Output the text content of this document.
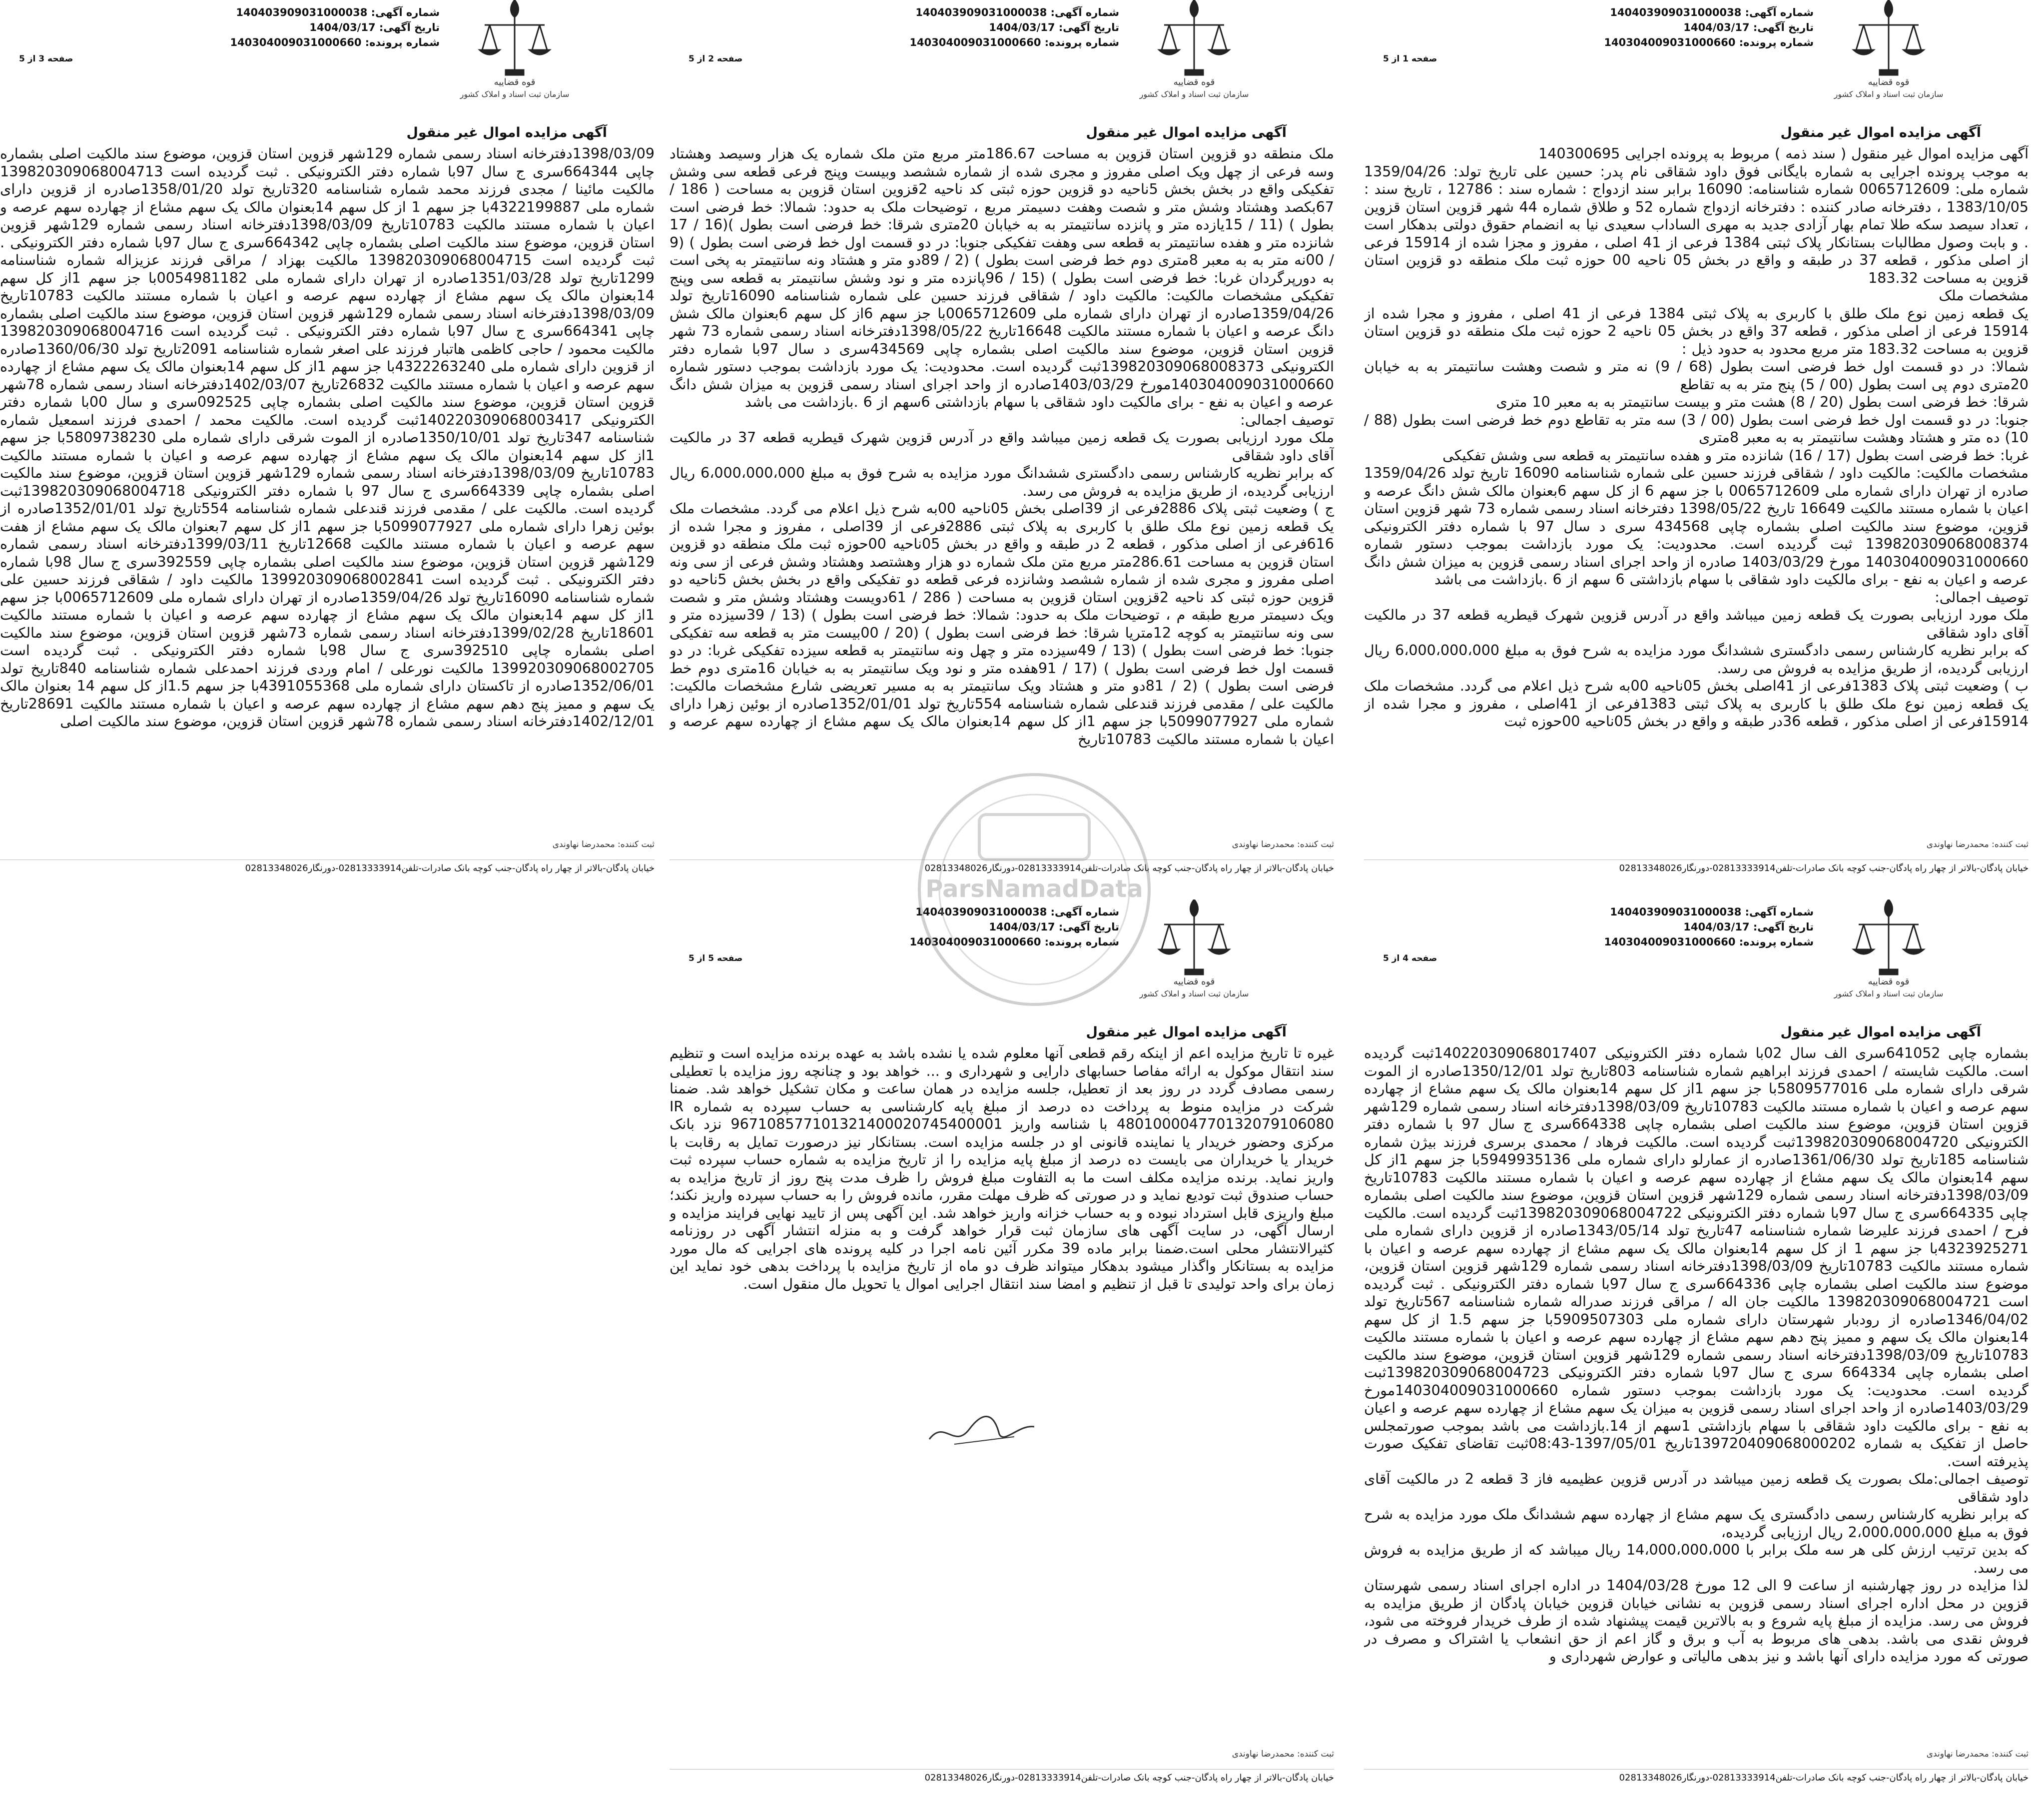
قوه قضاییه
سازمان ثبت اسناد و املاک کشور
شماره آگهی: 140403909031000038
تاریخ آگهی: 1404/03/17
شماره پرونده: 140304009031000660
صفحه 1 از 5
آگهی مزایده اموال غیر منقول
آگهی مزایده اموال غیر منقول ( سند ذمه ) مربوط به پرونده اجرایی 140300695
به موجب پرونده اجرایی به شماره بایگانی فوق داود شقاقی نام پدر: حسین علی تاریخ تولد: 1359/04/26 شماره ملی: 0065712609 شماره شناسنامه: 16090 برابر سند ازدواج : شماره سند : 12786 ، تاریخ سند : 1383/10/05 ، دفترخانه صادر کننده : دفترخانه ازدواج شماره 52 و طلاق شماره 44 شهر قزوین استان قزوین ، تعداد سیصد سکه طلا تمام بهار آزادی جدید به مهری الساداب سعیدی نیا به انضمام حقوق دولتی بدهکار است . و بابت وصول مطالبات بستانکار پلاک ثبتی 1384 فرعی از 41 اصلی ، مفروز و مجزا شده از 15914 فرعی از اصلی مذکور ، قطعه 37 در طبقه و واقع در بخش 05 ناحیه 00 حوزه ثبت ملک منطقه دو قزوین استان قزوین به مساحت 183.32
مشخصات ملک
یک قطعه زمین نوع ملک طلق با کاربری به پلاک ثبتی 1384 فرعی از 41 اصلی ، مفروز و مجرا شده از 15914 فرعی از اصلی مذکور ، قطعه 37 واقع در بخش 05 ناحیه 2 حوزه ثبت ملک منطقه دو قزوین استان قزوین به مساحت 183.32 متر مربع محدود به حدود ذیل :
شمالا: در دو قسمت اول خط فرضی است بطول (68 / 9) نه متر و شصت وهشت سانتیمتر به به خیابان 20متری دوم پی است بطول (00 / 5) پنج متر به به تقاطع
شرقا: خط فرضی است بطول (20 / 8) هشت متر و بیست سانتیمتر به به معبر 10 متری
جنوبا: در دو قسمت اول خط فرضی است بطول (00 / 3) سه متر به تقاطع دوم خط فرضی است بطول (88 / 10) ده متر و هشتاد وهشت سانتیمتر به به معبر 8متری
غربا: خط فرضی است بطول (17 / 16) شانزده متر و هفده سانتیمتر به قطعه سی وشش تفکیکی
مشخصات مالکیت: مالکیت داود / شقاقی فرزند حسین علی شماره شناسنامه 16090 تاریخ تولد 1359/04/26 صادره از تهران دارای شماره ملی 0065712609 با جز سهم 6 از کل سهم 6بعنوان مالک شش دانگ عرصه و اعیان با شماره مستند مالکیت 16649 تاریخ 1398/05/22 دفترخانه اسناد رسمی شماره 73 شهر قزوین استان قزوین، موضوع سند مالکیت اصلی بشماره چاپی 434568 سری د سال 97 با شماره دفتر الکترونیکی 139820309068008374 ثبت گردیده است. محدودیت: یک مورد بازداشت بموجب دستور شماره 140304009031000660 مورخ 1403/03/29 صادره از واحد اجرای اسناد رسمی قزوین به میزان شش دانگ عرصه و اعیان به نفع - برای مالکیت داود شقاقی با سهام بازداشتی 6 سهم از 6 .بازداشت می باشد
توصیف اجمالی:
ملک مورد ارزیابی بصورت یک قطعه زمین میباشد واقع در آدرس قزوین شهرک قیطریه قطعه 37 در مالکیت آقای داود شقاقی
که برابر نظریه کارشناس رسمی دادگستری ششدانگ مورد مزایده به شرح فوق به مبلغ 6،000،000،000 ریال ارزیابی گردیده، از طریق مزایده به فروش می رسد.
ب ) وضعیت ثبتی پلاک 1383فرعی از 41اصلی بخش 05ناحیه 00به شرح ذیل اعلام می گردد. مشخصات ملک یک قطعه زمین نوع ملک طلق با کاربری به پلاک ثبتی 1383فرعی از 41اصلی ، مفروز و مجرا شده از 15914فرعی از اصلی مذکور ، قطعه 36در طبقه و واقع در بخش 05ناحیه 00حوزه ثبت
ثبت کننده: محمدرضا نهاوندی
خیابان پادگان-بالاتر از چهار راه پادگان-جنب کوچه بانک صادرات-تلفن02813333914-دورنگار02813348026
قوه قضاییه
سازمان ثبت اسناد و املاک کشور
شماره آگهی: 140403909031000038
تاریخ آگهی: 1404/03/17
شماره پرونده: 140304009031000660
صفحه 2 از 5
آگهی مزایده اموال غیر منقول
ملک منطقه دو قزوین استان قزوین به مساحت 186.67متر مربع متن ملک شماره یک هزار وسیصد وهشتاد وسه فرعی از چهل ویک اصلی مفروز و مجری شده از شماره ششصد وبیست وپنج فرعی قطعه سی وشش تفکیکی واقع در بخش بخش 5ناحیه دو قزوین حوزه ثبتی کد ناحیه 2قزوین استان قزوین به مساحت ( 186 / 67بکصد وهشتاد وشش متر و شصت وهفت دسیمتر مربع ، توضیحات ملک به حدود: شمالا: خط فرضی است بطول ) (11 / 15یازده متر و پانزده سانتیمتر به به خیابان 20متری شرقا: خط فرضی است بطول )(16 / 17 شانزده متر و هفده سانتیمتر به قطعه سی وهفت تفکیکی جنوبا: در دو قسمت اول خط فرضی است بطول ) (9 / 00نه متر به به معبر 8متری دوم خط فرضی است بطول ) (2 / 89دو متر و هشتاد ونه سانتیمتر به پخی است به دورپرگردان غربا: خط فرضی است بطول ) (15 / 96پانزده متر و نود وشش سانتیمتر به قطعه سی وپنج تفکیکی مشخصات مالکیت: مالکیت داود / شقاقی فرزند حسین علی شماره شناسنامه 16090تاریخ تولد 1359/04/26صادره از تهران دارای شماره ملی 0065712609با جز سهم 6از کل سهم 6بعنوان مالک شش دانگ عرصه و اعیان با شماره مستند مالکیت 16648تاریخ 1398/05/22دفترخانه اسناد رسمی شماره 73 شهر قزوین استان قزوین، موضوع سند مالکیت اصلی بشماره چاپی 434569سری د سال 97با شماره دفتر الکترونیکی 139820309068008373ثبت گردیده است. محدودیت: یک مورد بازداشت بموجب دستور شماره 140304009031000660مورخ 1403/03/29صادره از واحد اجرای اسناد رسمی قزوین به میزان شش دانگ عرصه و اعیان به نفع - برای مالکیت داود شقاقی با سهام بازداشتی 6سهم از 6 .بازداشت می باشد
توصیف اجمالی:
ملک مورد ارزیابی بصورت یک قطعه زمین میباشد واقع در آدرس قزوین شهرک قیطریه قطعه 37 در مالکیت آقای داود شقاقی
که برابر نظریه کارشناس رسمی دادگستری ششدانگ مورد مزایده به شرح فوق به مبلغ 6،000،000،000 ریال ارزیابی گردیده، از طریق مزایده به فروش می رسد.
ج ) وضعیت ثبتی پلاک 2886فرعی از 39اصلی بخش 05ناحیه 00به شرح ذیل اعلام می گردد. مشخصات ملک یک قطعه زمین نوع ملک طلق با کاربری به پلاک ثبتی 2886فرعی از 39اصلی ، مفروز و مجرا شده از 616فرعی از اصلی مذکور ، قطعه 2 در طبقه و واقع در بخش 05ناحیه 00حوزه ثبت ملک منطقه دو قزوین استان قزوین به مساحت 286.61متر مربع متن ملک شماره دو هزار وهشتصد وهشتاد وشش فرعی از سی ونه اصلی مفروز و مجری شده از شماره ششصد وشانزده فرعی قطعه دو تفکیکی واقع در بخش بخش 5ناحیه دو قزوین حوزه ثبتی کد ناحیه 2قزوین استان قزوین به مساحت ( 286 / 61دویست وهشتاد وشش متر و شصت ویک دسیمتر مربع طبقه م ، توضیحات ملک به حدود: شمالا: خط فرضی است بطول ) (13 / 39سیزده متر و سی ونه سانتیمتر به کوچه 12متریا شرقا: خط فرضی است بطول ) (20 / 00بیست متر به قطعه سه تفکیکی جنوبا: خط فرضی است بطول ) (13 / 49سیزده متر و چهل ونه سانتیمتر به قطعه سیزده تفکیکی غربا: در دو قسمت اول خط فرضی است بطول ) (17 / 91هفده متر و نود ویک سانتیمتر به به خیابان 16متری دوم خط فرضی است بطول ) (2 / 81دو متر و هشتاد ویک سانتیمتر به به مسیر تعریضی شارع مشخصات مالکیت: مالکیت علی / مقدمی فرزند قندعلی شماره شناسنامه 554تاریخ تولد 1352/01/01صادره از بوئین زهرا دارای شماره ملی 5099077927با جز سهم 1از کل سهم 14بعنوان مالک یک سهم مشاع از چهارده سهم عرصه و اعیان با شماره مستند مالکیت 10783تاریخ
ثبت کننده: محمدرضا نهاوندی
خیابان پادگان-بالاتر از چهار راه پادگان-جنب کوچه بانک صادرات-تلفن02813333914-دورنگار02813348026
قوه قضاییه
سازمان ثبت اسناد و املاک کشور
شماره آگهی: 140403909031000038
تاریخ آگهی: 1404/03/17
شماره پرونده: 140304009031000660
صفحه 3 از 5
آگهی مزایده اموال غیر منقول
1398/03/09دفترخانه اسناد رسمی شماره 129شهر قزوین استان قزوین، موضوع سند مالکیت اصلی بشماره چاپی 664344سری ج سال 97با شماره دفتر الکترونیکی . ثبت گردیده است 139820309068004713 مالکیت مائینا / مجدی فرزند محمد شماره شناسنامه 320تاریخ تولد 1358/01/20صادره از قزوین دارای شماره ملی 4322199887با جز سهم 1 از کل سهم 14بعنوان مالک یک سهم مشاع از چهارده سهم عرصه و اعیان با شماره مستند مالکیت 10783تاریخ 1398/03/09دفترخانه اسناد رسمی شماره 129شهر قزوین استان قزوین، موضوع سند مالکیت اصلی بشماره چاپی 664342سری ج سال 97با شماره دفتر الکترونیکی . ثبت گردیده است 139820309068004715 مالکیت بهزاد / مراقی فرزند عزیزاله شماره شناسنامه 1299تاریخ تولد 1351/03/28صادره از تهران دارای شماره ملی 0054981182با جز سهم 1از کل سهم 14بعنوان مالک یک سهم مشاع از چهارده سهم عرصه و اعیان با شماره مستند مالکیت 10783تاریخ 1398/03/09دفترخانه اسناد رسمی شماره 129شهر قزوین استان قزوین، موضوع سند مالکیت اصلی بشماره چاپی 664341سری ج سال 97با شماره دفتر الکترونیکی . ثبت گردیده است 139820309068004716 مالکیت محمود / حاجی کاظمی هاتبار فرزند علی اصغر شماره شناسنامه 2091تاریخ تولد 1360/06/30صادره از قزوین دارای شماره ملی 4322263240با جز سهم 1از کل سهم 14بعنوان مالک یک سهم مشاع از چهارده سهم عرصه و اعیان با شماره مستند مالکیت 26832تاریخ 1402/03/07دفترخانه اسناد رسمی شماره 78شهر قزوین استان قزوین، موضوع سند مالکیت اصلی بشماره چاپی 092525سری و سال 00با شماره دفتر الکترونیکی 140220309068003417ثبت گردیده است. مالکیت محمد / احمدی فرزند اسمعیل شماره شناسنامه 347تاریخ تولد 1350/10/01صادره از الموت شرقی دارای شماره ملی 5809738230با جز سهم 1از کل سهم 14بعنوان مالک یک سهم مشاع از چهارده سهم عرصه و اعیان با شماره مستند مالکیت 10783تاریخ 1398/03/09دفترخانه اسناد رسمی شماره 129شهر قزوین استان قزوین، موضوع سند مالکیت اصلی بشماره چاپی 664339سری ج سال 97 با شماره دفتر الکترونیکی 139820309068004718ثبت گردیده است. مالکیت علی / مقدمی فرزند قندعلی شماره شناسنامه 554تاریخ تولد 1352/01/01صادره از بوئین زهرا دارای شماره ملی 5099077927با جز سهم 1از کل سهم 7بعنوان مالک یک سهم مشاع از هفت سهم عرصه و اعیان با شماره مستند مالکیت 12668تاریخ 1399/03/11دفترخانه اسناد رسمی شماره 129شهر قزوین استان قزوین، موضوع سند مالکیت اصلی بشماره چاپی 392559سری ج سال 98با شماره دفتر الکترونیکی . ثبت گردیده است 139920309068002841 مالکیت داود / شقاقی فرزند حسین علی شماره شناسنامه 16090تاریخ تولد 1359/04/26صادره از تهران دارای شماره ملی 0065712609با جز سهم 1از کل سهم 14بعنوان مالک یک سهم مشاع از چهارده سهم عرصه و اعیان با شماره مستند مالکیت 18601تاریخ 1399/02/28دفترخانه اسناد رسمی شماره 73شهر قزوین استان قزوین، موضوع سند مالکیت اصلی بشماره چاپی 392510سری ج سال 98با شماره دفتر الکترونیکی . ثبت گردیده است 139920309068002705 مالکیت نورعلی / امام وردی فرزند احمدعلی شماره شناسنامه 840تاریخ تولد 1352/06/01صادره از تاکستان دارای شماره ملی 4391055368با جز سهم 1.5از کل سهم 14 بعنوان مالک یک سهم و ممیز پنج دهم سهم مشاع از چهارده سهم عرصه و اعیان با شماره مستند مالکیت 28691تاریخ 1402/12/01دفترخانه اسناد رسمی شماره 78شهر قزوین استان قزوین، موضوع سند مالکیت اصلی
ثبت کننده: محمدرضا نهاوندی
خیابان پادگان-بالاتر از چهار راه پادگان-جنب کوچه بانک صادرات-تلفن02813333914-دورنگار02813348026
قوه قضاییه
سازمان ثبت اسناد و املاک کشور
شماره آگهی: 140403909031000038
تاریخ آگهی: 1404/03/17
شماره پرونده: 140304009031000660
صفحه 4 از 5
آگهی مزایده اموال غیر منقول
بشماره چاپی 641052سری الف سال 02با شماره دفتر الکترونیکی 140220309068017407ثبت گردیده است. مالکیت شایسته / احمدی فرزند ابراهیم شماره شناسنامه 803تاریخ تولد 1350/12/01صادره از الموت شرقی دارای شماره ملی 5809577016با جز سهم 1از کل سهم 14بعنوان مالک یک سهم مشاع از چهارده سهم عرصه و اعیان با شماره مستند مالکیت 10783تاریخ 1398/03/09دفترخانه اسناد رسمی شماره 129شهر قزوین استان قزوین، موضوع سند مالکیت اصلی بشماره چاپی 664338سری ج سال 97 با شماره دفتر الکترونیکی 139820309068004720ثبت گردیده است. مالکیت فرهاد / محمدی برسری فرزند بیژن شماره شناسنامه 185تاریخ تولد 1361/06/30صادره از عمارلو دارای شماره ملی 5949935136با جز سهم 1از کل سهم 14بعنوان مالک یک سهم مشاع از چهارده سهم عرصه و اعیان با شماره مستند مالکیت 10783تاریخ 1398/03/09دفترخانه اسناد رسمی شماره 129شهر قزوین استان قزوین، موضوع سند مالکیت اصلی بشماره چاپی 664335سری ج سال 97با شماره دفتر الکترونیکی 139820309068004722ثبت گردیده است. مالکیت فرح / احمدی فرزند علیرضا شماره شناسنامه 47تاریخ تولد 1343/05/14صادره از قزوین دارای شماره ملی 4323925271با جز سهم 1 از کل سهم 14بعنوان مالک یک سهم مشاع از چهارده سهم عرصه و اعیان با شماره مستند مالکیت 10783تاریخ 1398/03/09دفترخانه اسناد رسمی شماره 129شهر قزوین استان قزوین، موضوع سند مالکیت اصلی بشماره چاپی 664336سری ج سال 97با شماره دفتر الکترونیکی . ثبت گردیده است 139820309068004721 مالکیت جان اله / مراقی فرزند صدراله شماره شناسنامه 567تاریخ تولد 1346/04/02صادره از رودبار شهرستان دارای شماره ملی 5909507303با جز سهم 1.5 از کل سهم 14بعنوان مالک یک سهم و ممیز پنج دهم سهم مشاع از چهارده سهم عرصه و اعیان با شماره مستند مالکیت 10783تاریخ 1398/03/09دفترخانه اسناد رسمی شماره 129شهر قزوین استان قزوین، موضوع سند مالکیت اصلی بشماره چاپی 664334 سری ج سال 97با شماره دفتر الکترونیکی 139820309068004723ثبت گردیده است. محدودیت: یک مورد بازداشت بموجب دستور شماره 140304009031000660مورخ 1403/03/29صادره از واحد اجرای اسناد رسمی قزوین به میزان یک سهم مشاع از چهارده سهم عرصه و اعیان به نفع - برای مالکیت داود شقاقی با سهام بازداشتی 1سهم از 14.بازداشت می باشد بموجب صورتمجلس حاصل از تفکیک به شماره 139720409068000202تاریخ 1397/05/01-08:43ثبت تقاضای تفکیک صورت پذیرفته است.
توصیف اجمالی:ملک بصورت یک قطعه زمین میباشد در آدرس قزوین عظیمیه فاز 3 قطعه 2 در مالکیت آقای داود شقاقی
که برابر نظریه کارشناس رسمی دادگستری یک سهم مشاع از چهارده سهم ششدانگ ملک مورد مزایده به شرح فوق به مبلغ 2،000،000،000 ریال ارزیابی گردیده،
که بدین ترتیب ارزش کلی هر سه ملک برابر با 14،000،000،000 ریال میباشد که از طریق مزایده به فروش می رسد.
لذا مزایده در روز چهارشنبه از ساعت 9 الی 12 مورخ 1404/03/28 در اداره اجرای اسناد رسمی شهرستان قزوین در محل اداره اجرای اسناد رسمی قزوین به نشانی خیابان قزوین خیابان پادگان از طریق مزایده به فروش می رسد. مزایده از مبلغ پایه شروع و به بالاترین قیمت پیشنهاد شده از طرف خریدار فروخته می شود، فروش نقدی می باشد. بدهی های مربوط به آب و برق و گاز اعم از حق انشعاب یا اشتراک و مصرف در صورتی که مورد مزایده دارای آنها باشد و نیز بدهی مالیاتی و عوارض شهرداری و
ثبت کننده: محمدرضا نهاوندی
خیابان پادگان-بالاتر از چهار راه پادگان-جنب کوچه بانک صادرات-تلفن02813333914-دورنگار02813348026
قوه قضاییه
سازمان ثبت اسناد و املاک کشور
شماره آگهی: 140403909031000038
تاریخ آگهی: 1404/03/17
شماره پرونده: 140304009031000660
صفحه 5 از 5
آگهی مزایده اموال غیر منقول
غیره تا تاریخ مزایده اعم از اینکه رقم قطعی آنها معلوم شده یا نشده باشد به عهده برنده مزایده است و تنظیم سند انتقال موکول به ارائه مفاصا حسابهای دارایی و شهرداری و ... خواهد بود و چنانچه روز مزایده با تعطیلی رسمی مصادف گردد در روز بعد از تعطیل، جلسه مزایده در همان ساعت و مکان تشکیل خواهد شد. ضمنا شرکت در مزایده منوط به پرداخت ده درصد از مبلغ پایه کارشناسی به حساب سپرده به شماره IR 480100004770132079106080 با شناسه واریز 967108577101321400020745400001 نزد بانک مرکزی وحضور خریدار یا نماینده قانونی او در جلسه مزایده است. بستانکار نیز درصورت تمایل به رقابت با خریدار یا خریداران می بایست ده درصد از مبلغ پایه مزایده را از تاریخ مزایده به شماره حساب سپرده ثبت واریز نماید. برنده مزایده مکلف است ما به التفاوت مبلغ فروش را ظرف مدت پنج روز از تاریخ مزایده به حساب صندوق ثبت تودیع نماید و در صورتی که ظرف مهلت مقرر، مانده فروش را به حساب سپرده واریز نکند؛ مبلغ واریزی قابل استرداد نبوده و به حساب خزانه واریز خواهد شد. این آگهی پس از تایید نهایی فرایند مزایده و ارسال آگهی، در سایت آگهی های سازمان ثبت قرار خواهد گرفت و به منزله انتشار آگهی در روزنامه کثیرالانتشار محلی است.ضمنا برابر ماده 39 مکرر آئین نامه اجرا در کلیه پرونده های اجرایی که مال مورد مزایده به بستانکار واگذار میشود بدهکار میتواند ظرف دو ماه از تاریخ مزایده با پرداخت بدهی خود نماید این زمان برای واحد تولیدی تا قبل از تنظیم و امضا سند انتقال اجرایی اموال یا تحویل مال منقول است.
ثبت کننده: محمدرضا نهاوندی
خیابان پادگان-بالاتر از چهار راه پادگان-جنب کوچه بانک صادرات-تلفن02813333914-دورنگار02813348026
ParsNamadData
